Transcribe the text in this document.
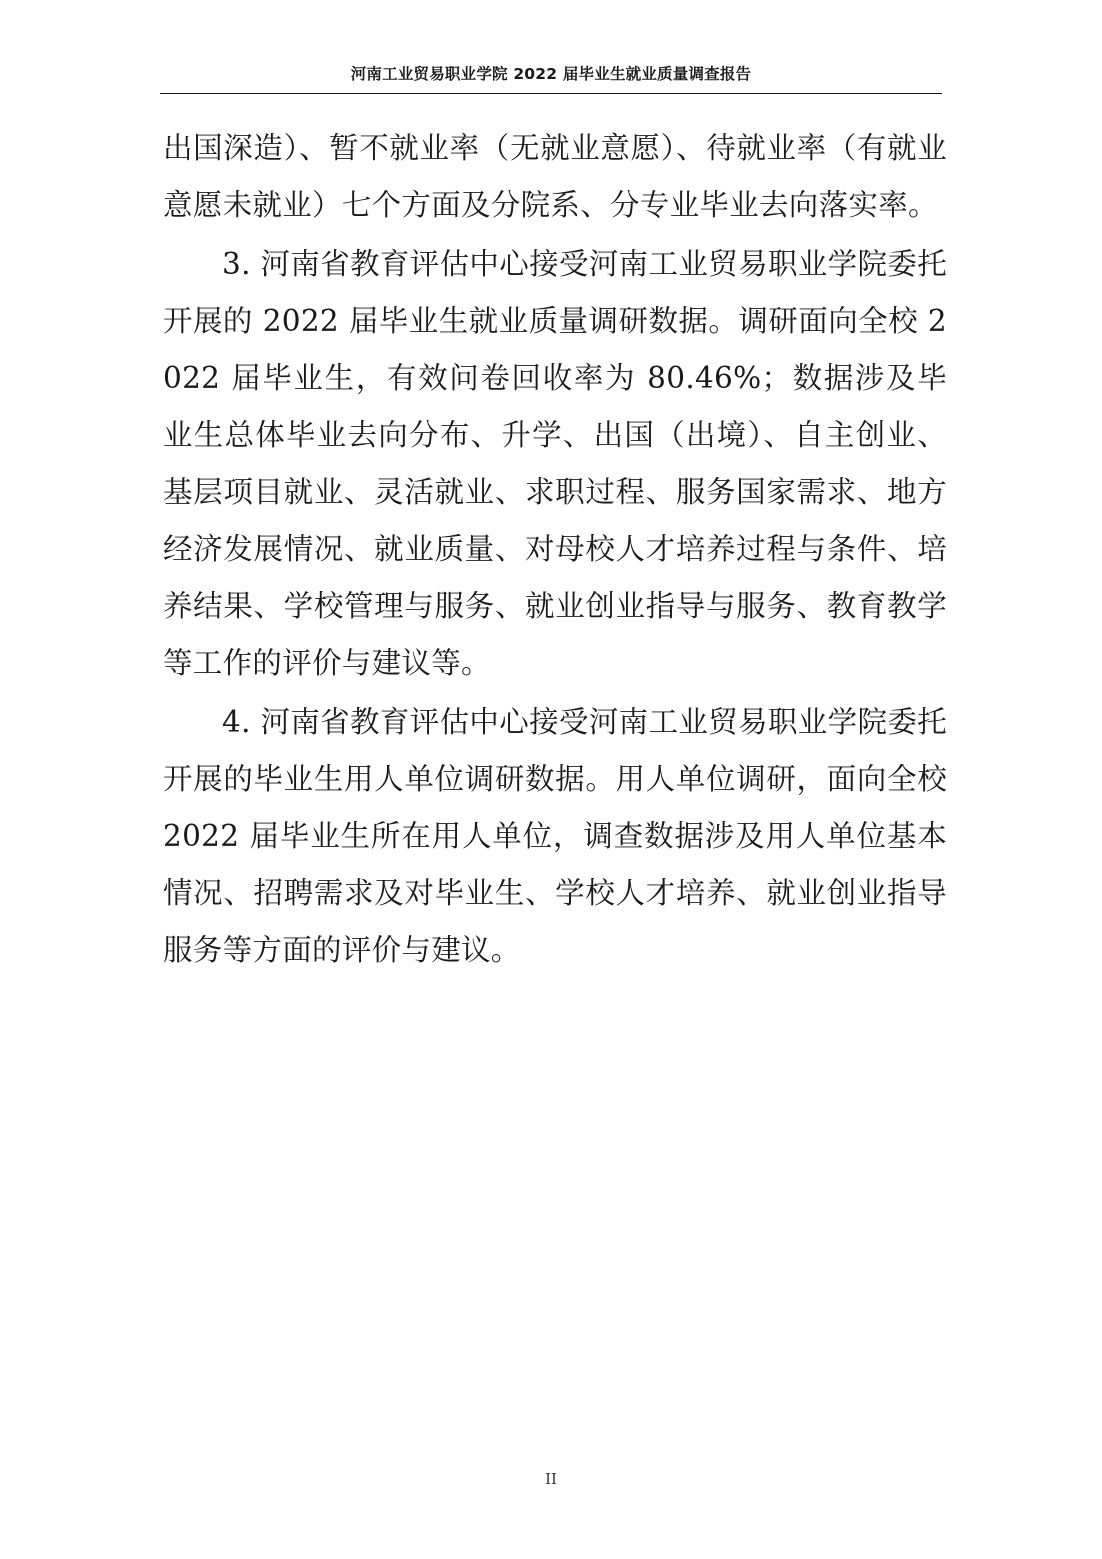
河南工业贸易职业学院 2022 届毕业生就业质量调查报告

出国深造）、暂不就业率（无就业意愿）、待就业率（有就业意愿未就业）七个方面及分院系、分专业毕业去向落实率。

3. 河南省教育评估中心接受河南工业贸易职业学院委托开展的 2022 届毕业生就业质量调研数据。调研面向全校 2022 届毕业生，有效问卷回收率为 80.46%；数据涉及毕业生总体毕业去向分布、升学、出国（出境）、自主创业、基层项目就业、灵活就业、求职过程、服务国家需求、地方经济发展情况、就业质量、对母校人才培养过程与条件、培养结果、学校管理与服务、就业创业指导与服务、教育教学等工作的评价与建议等。

4. 河南省教育评估中心接受河南工业贸易职业学院委托开展的毕业生用人单位调研数据。用人单位调研，面向全校 2022 届毕业生所在用人单位，调查数据涉及用人单位基本情况、招聘需求及对毕业生、学校人才培养、就业创业指导服务等方面的评价与建议。

II
